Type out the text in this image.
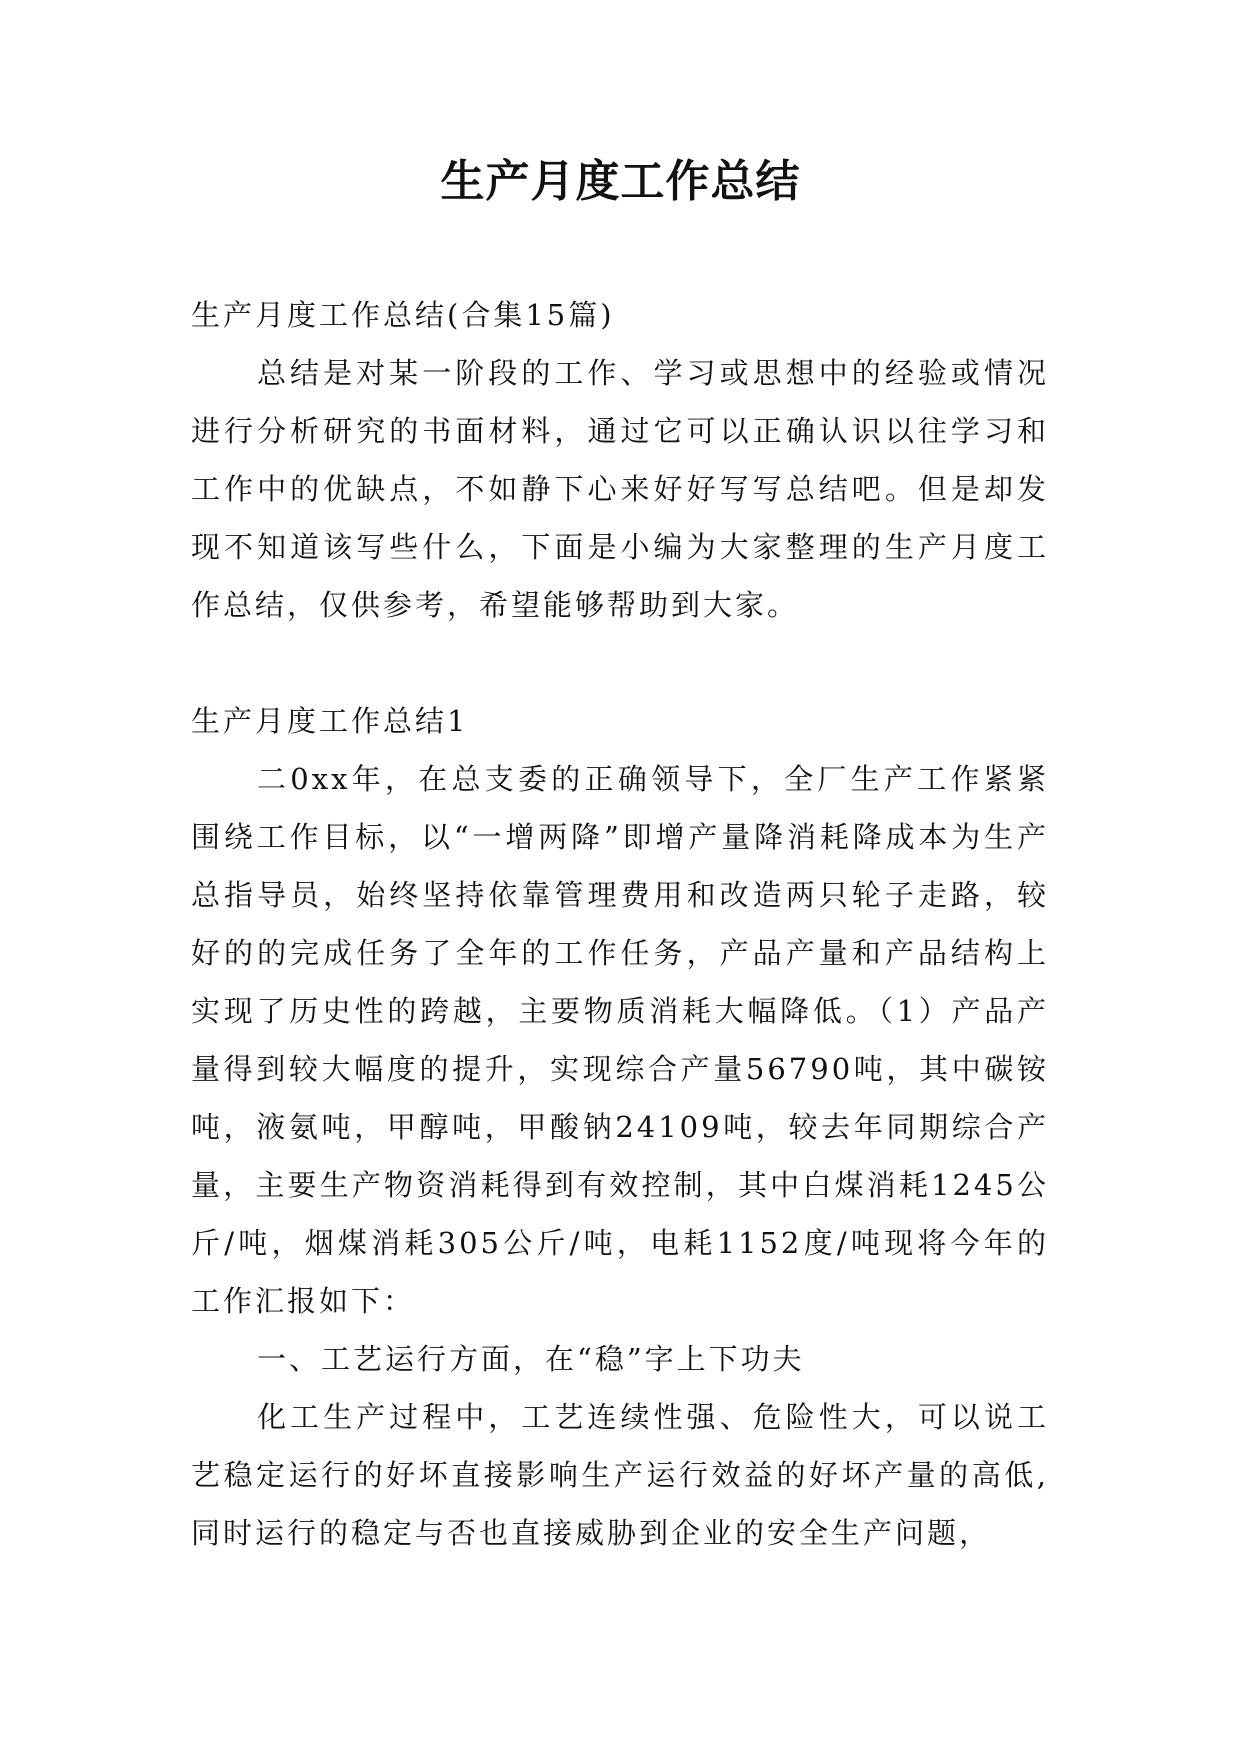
生产月度工作总结

生产月度工作总结(合集15篇)

总结是对某一阶段的工作、学习或思想中的经验或情况进行分析研究的书面材料，通过它可以正确认识以往学习和工作中的优缺点，不如静下心来好好写写总结吧。但是却发现不知道该写些什么，下面是小编为大家整理的生产月度工作总结，仅供参考，希望能够帮助到大家。

生产月度工作总结1

二0xx年，在总支委的正确领导下，全厂生产工作紧紧围绕工作目标，以“一增两降”即增产量降消耗降成本为生产总指导员，始终坚持依靠管理费用和改造两只轮子走路，较好的的完成任务了全年的工作任务，产品产量和产品结构上实现了历史性的跨越，主要物质消耗大幅降低。（1）产品产量得到较大幅度的提升，实现综合产量56790吨，其中碳铵吨，液氨吨，甲醇吨，甲酸钠24109吨，较去年同期综合产量，主要生产物资消耗得到有效控制，其中白煤消耗1245公斤/吨，烟煤消耗305公斤/吨，电耗1152度/吨现将今年的工作汇报如下：

一、工艺运行方面，在“稳”字上下功夫

化工生产过程中，工艺连续性强、危险性大，可以说工艺稳定运行的好坏直接影响生产运行效益的好坏产量的高低,同时运行的稳定与否也直接威胁到企业的安全生产问题，
